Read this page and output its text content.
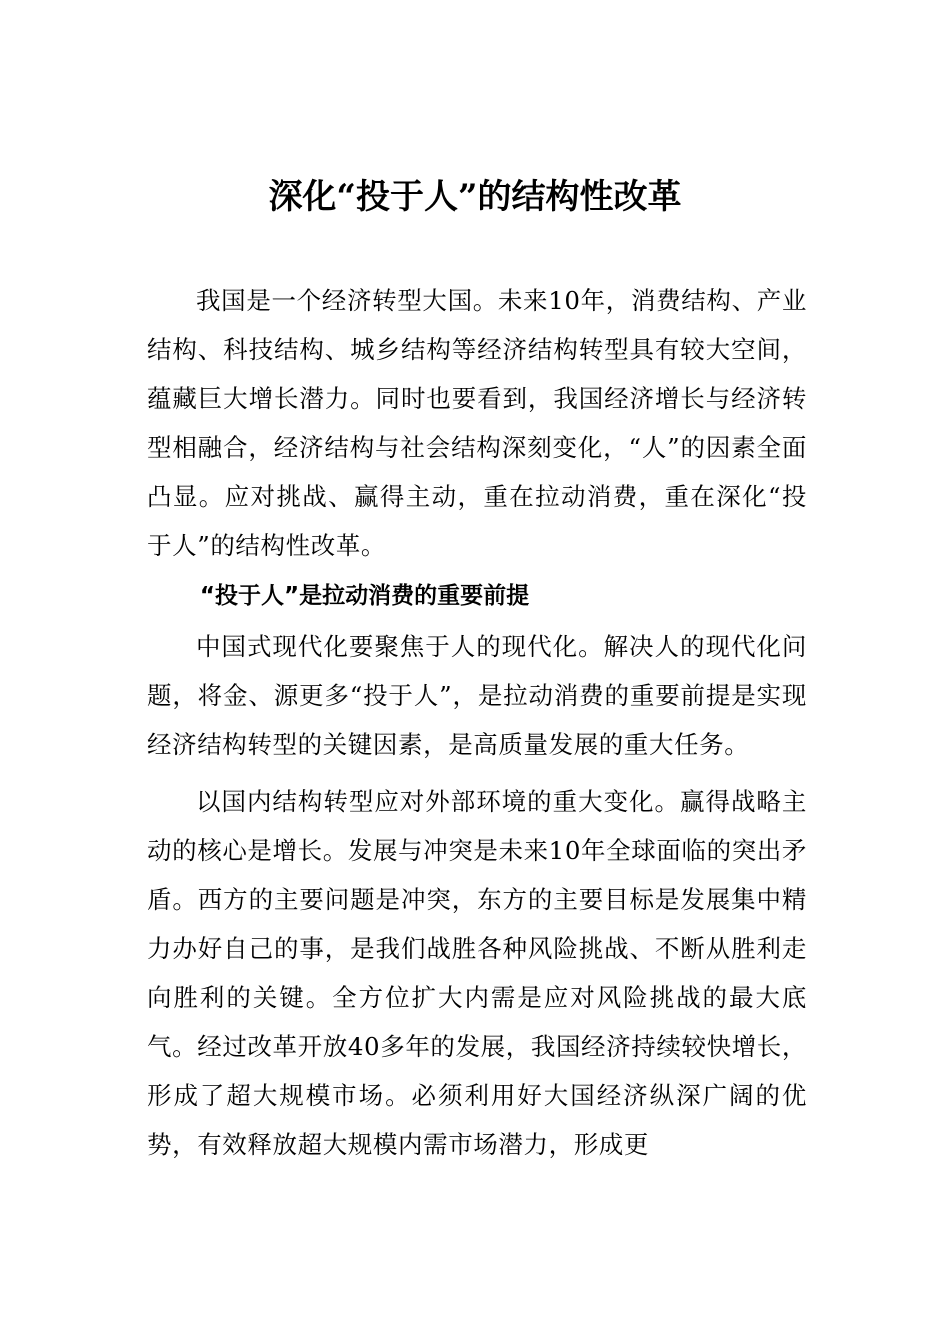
深化“投于人”的结构性改革

我国是一个经济转型大国。未来10年，消费结构、产业结构、科技结构、城乡结构等经济结构转型具有较大空间，蕴藏巨大增长潜力。同时也要看到，我国经济增长与经济转型相融合，经济结构与社会结构深刻变化，“人”的因素全面凸显。应对挑战、赢得主动，重在拉动消费，重在深化“投于人”的结构性改革。

“投于人”是拉动消费的重要前提

中国式现代化要聚焦于人的现代化。解决人的现代化问题，将金、源更多“投于人”，是拉动消费的重要前提是实现经济结构转型的关键因素，是高质量发展的重大任务。

以国内结构转型应对外部环境的重大变化。赢得战略主动的核心是增长。发展与冲突是未来10年全球面临的突出矛盾。西方的主要问题是冲突，东方的主要目标是发展集中精力办好自己的事，是我们战胜各种风险挑战、不断从胜利走向胜利的关键。全方位扩大内需是应对风险挑战的最大底气。经过改革开放40多年的发展，我国经济持续较快增长，形成了超大规模市场。必须利用好大国经济纵深广阔的优势，有效释放超大规模内需市场潜力，形成更
